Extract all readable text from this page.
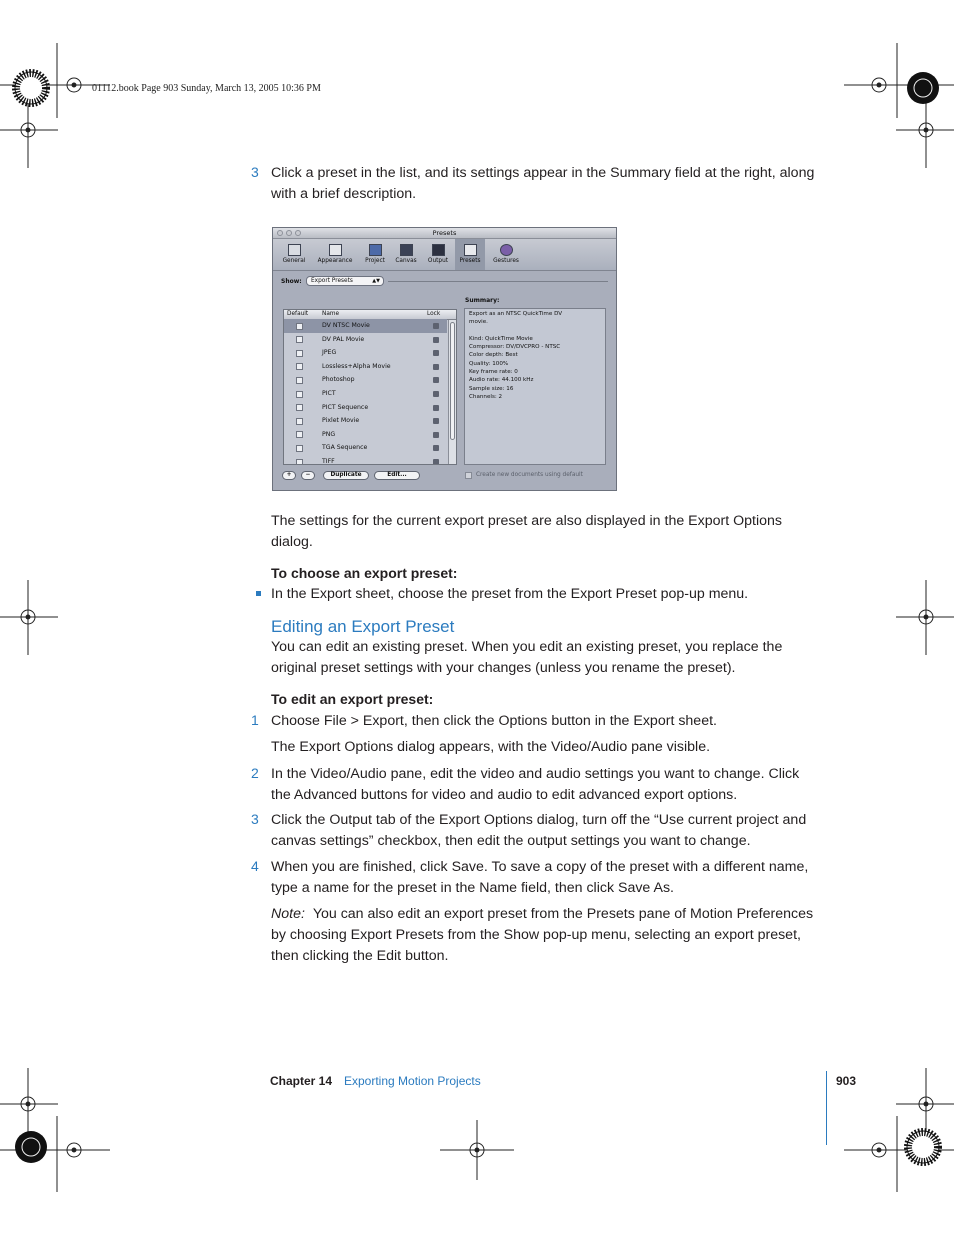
01112.book Page 903 Sunday, March 13, 2005 10:36 PM
3 Click a preset in the list, and its settings appear in the Summary field at the right, along
with a brief description.
Presets
General	Appearance	Project	Canvas	Output	Presets	Gestures
Show:	Export Presets	▲▼
Summary:
Default Name	Lock
DV NTSC Movie
DV PAL Movie
JPEG
Lossless+Alpha Movie
Photoshop
PICT
PICT Sequence
Pixlet Movie
PNG
TGA Sequence
TIFF
Export as an NTSC QuickTime DV
movie.

Kind: QuickTime Movie
Compressor: DV/DVCPRO - NTSC
Color depth: Best
Quality: 100%
Key frame rate: 0
Audio rate: 44.100 kHz
Sample size: 16
Channels: 2
+	−	Duplicate	Edit...	Create new documents using default
The settings for the current export preset are also displayed in the Export Options
dialog.
To choose an export preset:
In the Export sheet, choose the preset from the Export Preset pop-up menu.
Editing an Export Preset
You can edit an existing preset. When you edit an existing preset, you replace the
original preset settings with your changes (unless you rename the preset).
To edit an export preset:
1 Choose File > Export, then click the Options button in the Export sheet.
The Export Options dialog appears, with the Video/Audio pane visible.
2 In the Video/Audio pane, edit the video and audio settings you want to change. Click
the Advanced buttons for video and audio to edit advanced export options.
3 Click the Output tab of the Export Options dialog, turn off the “Use current project and
canvas settings” checkbox, then edit the output settings you want to change.
4 When you are finished, click Save. To save a copy of the preset with a different name,
type a name for the preset in the Name field, then click Save As.
Note: You can also edit an export preset from the Presets pane of Motion Preferences
by choosing Export Presets from the Show pop-up menu, selecting an export preset,
then clicking the Edit button.
Chapter 14 Exporting Motion Projects	903
